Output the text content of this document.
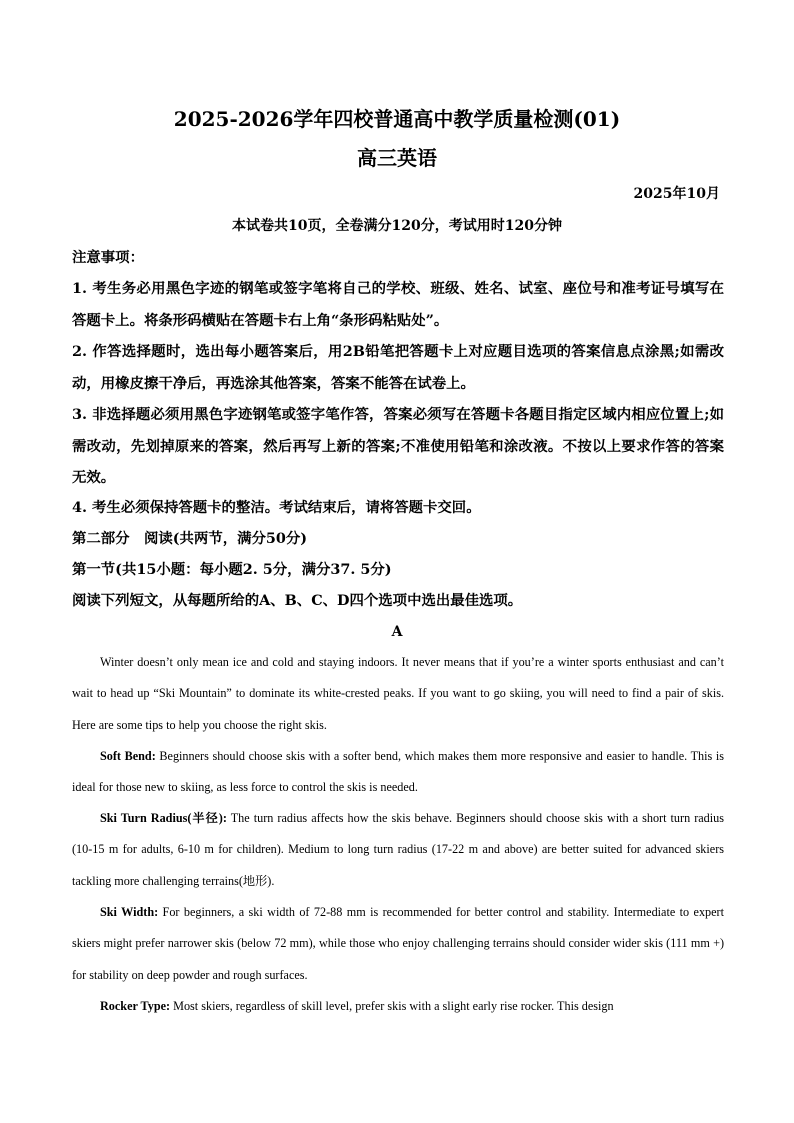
2025-2026学年四校普通高中教学质量检测(01)
高三英语
2025年10月
本试卷共10页，全卷满分120分，考试用时120分钟
注意事项：
1. 考生务必用黑色字迹的钢笔或签字笔将自己的学校、班级、姓名、试室、座位号和准考证号填写在答题卡上。将条形码横贴在答题卡右上角“条形码粘贴处”。
2. 作答选择题时，选出每小题答案后，用2B铅笔把答题卡上对应题目选项的答案信息点涂黑;如需改动，用橡皮擦干净后，再选涂其他答案，答案不能答在试卷上。
3. 非选择题必须用黑色字迹钢笔或签字笔作答，答案必须写在答题卡各题目指定区域内相应位置上;如需改动，先划掉原来的答案，然后再写上新的答案;不准使用铅笔和涂改液。不按以上要求作答的答案无效。
4. 考生必须保持答题卡的整洁。考试结束后，请将答题卡交回。
第二部分　阅读(共两节，满分50分)
第一节(共15小题：每小题2. 5分，满分37. 5分)
阅读下列短文，从每题所给的A、B、C、D四个选项中选出最佳选项。
A
Winter doesn’t only mean ice and cold and staying indoors. It never means that if you’re a winter sports enthusiast and can’t wait to head up “Ski Mountain” to dominate its white-crested peaks. If you want to go skiing, you will need to find a pair of skis. Here are some tips to help you choose the right skis.
Soft Bend: Beginners should choose skis with a softer bend, which makes them more responsive and easier to handle. This is ideal for those new to skiing, as less force to control the skis is needed.
Ski Turn Radius(半径): The turn radius affects how the skis behave. Beginners should choose skis with a short turn radius (10-15 m for adults, 6-10 m for children). Medium to long turn radius (17-22 m and above) are better suited for advanced skiers tackling more challenging terrains(地形).
Ski Width: For beginners, a ski width of 72-88 mm is recommended for better control and stability. Intermediate to expert skiers might prefer narrower skis (below 72 mm), while those who enjoy challenging terrains should consider wider skis (111 mm +) for stability on deep powder and rough surfaces.
Rocker Type: Most skiers, regardless of skill level, prefer skis with a slight early rise rocker. This design
